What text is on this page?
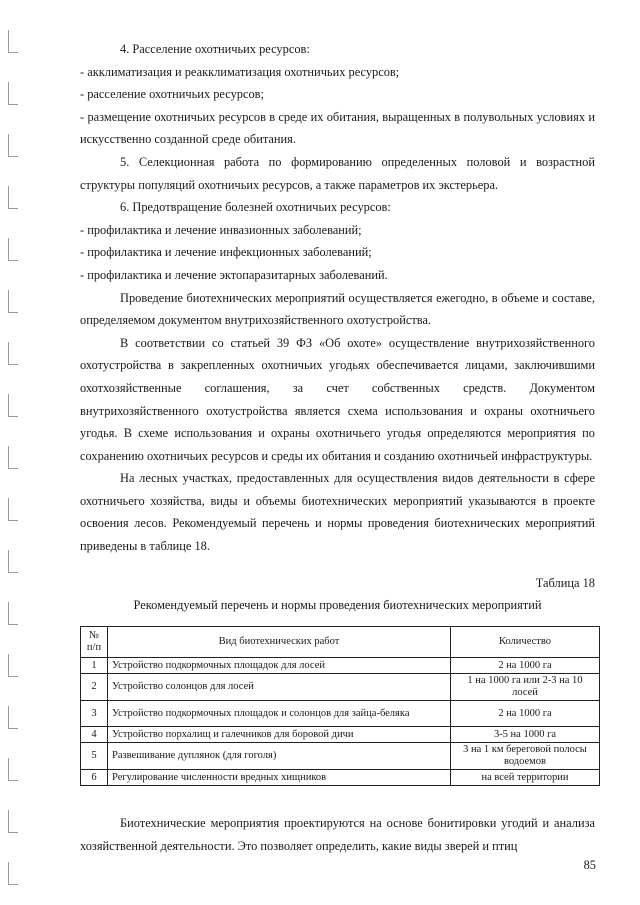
4. Расселение охотничьих ресурсов:

- акклиматизация и реакклиматизация охотничьих ресурсов;

- расселение охотничьих ресурсов;

- размещение охотничьих ресурсов в среде их обитания, выращенных в полувольных условиях и искусственно созданной среде обитания.

5. Селекционная работа по формированию определенных половой и возрастной структуры популяций охотничьих ресурсов, а также параметров их экстерьера.

6. Предотвращение болезней охотничьих ресурсов:

- профилактика и лечение инвазионных заболеваний;

- профилактика и лечение инфекционных заболеваний;

- профилактика и лечение эктопаразитарных заболеваний.

Проведение биотехнических мероприятий осуществляется ежегодно, в объеме и составе, определяемом документом внутрихозяйственного охотустройства.

В соответствии со статьей 39 ФЗ «Об охоте» осуществление внутрихозяйственного охотустройства в закрепленных охотничьих угодьях обеспечивается лицами, заключившими охотхозяйственные соглашения, за счет собственных средств. Документом внутрихозяйственного охотустройства является схема использования и охраны охотничьего угодья. В схеме использования и охраны охотничьего угодья определяются мероприятия по сохранению охотничьих ресурсов и среды их обитания и созданию охотничьей инфраструктуры.

На лесных участках, предоставленных для осуществления видов деятельности в сфере охотничьего хозяйства, виды и объемы биотехнических мероприятий указываются в проекте освоения лесов. Рекомендуемый перечень и нормы проведения биотехнических мероприятий приведены в таблице 18.

Таблица 18
Рекомендуемый перечень и нормы проведения биотехнических мероприятий
№ п/п	Вид биотехнических работ	Количество
1	Устройство подкормочных площадок для лосей	2 на 1000 га
2	Устройство солонцов для лосей	1 на 1000 га или 2-3 на 10 лосей
3	Устройство подкормочных площадок и солонцов для зайца-беляка	2 на 1000 га
4	Устройство порхалищ и галечников для боровой дичи	3-5 на 1000 га
5	Развешивание дуплянок (для гоголя)	3 на 1 км береговой полосы водоемов
6	Регулирование численности вредных хищников	на всей территории

Биотехнические мероприятия проектируются на основе бонитировки угодий и анализа хозяйственной деятельности. Это позволяет определить, какие виды зверей и птиц

85
